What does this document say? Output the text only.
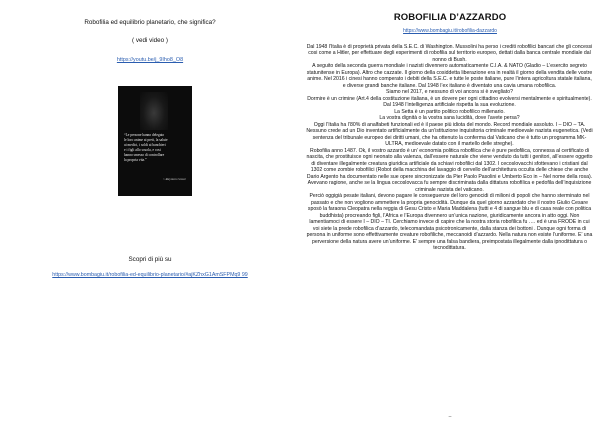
Robofilia ed equilibrio planetario, che significa?
( vedi video )
https://youtu.be/j_9Iho8_O8
“Le persone hanno delegato
le loro anime ai preti, la salute
ai medici, i soldi ai banchieri
e i figli allo scuola, e cosi
hanno smesso di controllare
la propria vita.”
~ Raymon Grace
Scopri di più su
https://www.bombagiu.it/robofilia-ed-equilibrio-planetario/#ajKZhxG1AmSFPMq9 99
ROBOFILIA D’AZZARDO
https://www.bombagiu.it/robofilia-dazzardo

Dal 1948 l’Italia è di proprietà privata della S.E.C. di Washington. Mussolini ha perso i crediti robofilici bancari che gli concessi cosi come a Hitler, per effettuare degli esperimenti di robofilia sul territorio europeo, dettati dalla banca centrale mondiale dal nonno di Bush.

A seguito della seconda guerra mondiale i nazisti divennero automaticamente C.I.A. & NATO (Gladio – L’esercito segreto statunitense in Europa). Altro che cazzate. Il giorno della cosiddetta liberazione era in realtà il giorno della vendita delle vostre anime. Nel 2016 i cinesi hanno comperato i debiti della S.E.C. e tutte le poste italiane, pure l’intera agricoltura statale italiana, e diverse grandi banche italiane. Dal 1948 l’ex italiano è diventato una cavia umana robofilica.

Siamo nel 2017, e nessuno di voi ancora si è svegliato?

Dormire è un crimine (Art.4 della costituzione italiana, è un dovere per ogni cittadino evolversi mentalmente e spiritualmente). Dal 1948 l’intelligenza artificiale rispetta la sua evoluzione.

La Setta è un partito politico robofilico millenario.

La vostra dignità o la vostra sana lucidità, dove l’avete persa?

Oggi l’Italia ha l’80% di analfabeti funzionali ed è il paese più idiota del mondo. Record mondiale assoluto. I – DIO – TA. Nessuno crede ad un Dio inventato artificialmente da un’istituzione inquisitoria criminale medioevale nazista eugenetica. (Vedi sentenza del tribunale europeo dei diritti umani, che ha ottenuto la conferma dal Vaticano che è tutto un programma MK-ULTRA, medioevale datato con il martello delle streghe).

Robofilia anno 1487. Ok, il vostro azzardo è un’ economia politica robofilica che è pure pedofilica, connessa al certificato di nascita, che prostituisce ogni neonato alla valenza, dall’essere naturale che viene venduto da tutti i genitori, all’essere oggetto di diventare illegalmente creatura giuridica artificiale da schiavi robofilici dal 1302. I cecoslovacchi sfottevano i cristiani dal 1302 come zombie robofilici (Robot della macchina del lavaggio di cervello dell’architettura occulta delle chiese che anche Dario Argento ha documentato nelle sue opere sincronizzate da Pier Paolo Pasolini e Umberto Eco in – Nel nome della rosa). Avevano ragione, anche se la lingua cecoslovacca fu sempre discriminata dalla dittatura robofilica e pedofila dell’inquisizione criminale nazista del vaticano.

Perciò oggigià pesate italiani, devono pagare le conseguenze del loro genocidi di milioni di popoli che hanno sterminato nel passato e che non vogliono ammettere la propria genocidità. Dunque da quel giorno azzardato che il nostro Giulio Cesare sposò la faraona Cleopatra nella reggia di Gesu Cristo e Maria Maddalena (tutti e 4 di sangue blu e di casa reale con politica buddhista) procreando figli, l’Africa e l’Europa divennero un’unica nazione, giuridicamente ancora in atto oggi. Non lamentiamoci di essere I – DIO – TI. Cerchiamo invece di capire che la nostra storia robofilica fu …. ed è una FRODE in cui voi siete la prede robofilica d’azzardo, telecomandata psicotronicamente, dalla stanza dei bottoni . Dunque ogni forma di persona in uniforme sono effettivamente creature robofiliche, meccanoidi d’azzardo. Nella natura non esiste l’uniforme. E’ una perversione della natura avere un’uniforme. E’ sempre una falsa bandiera, preimpostata illegalmente dalla ipnodittatura o tecnodittatura.

–
